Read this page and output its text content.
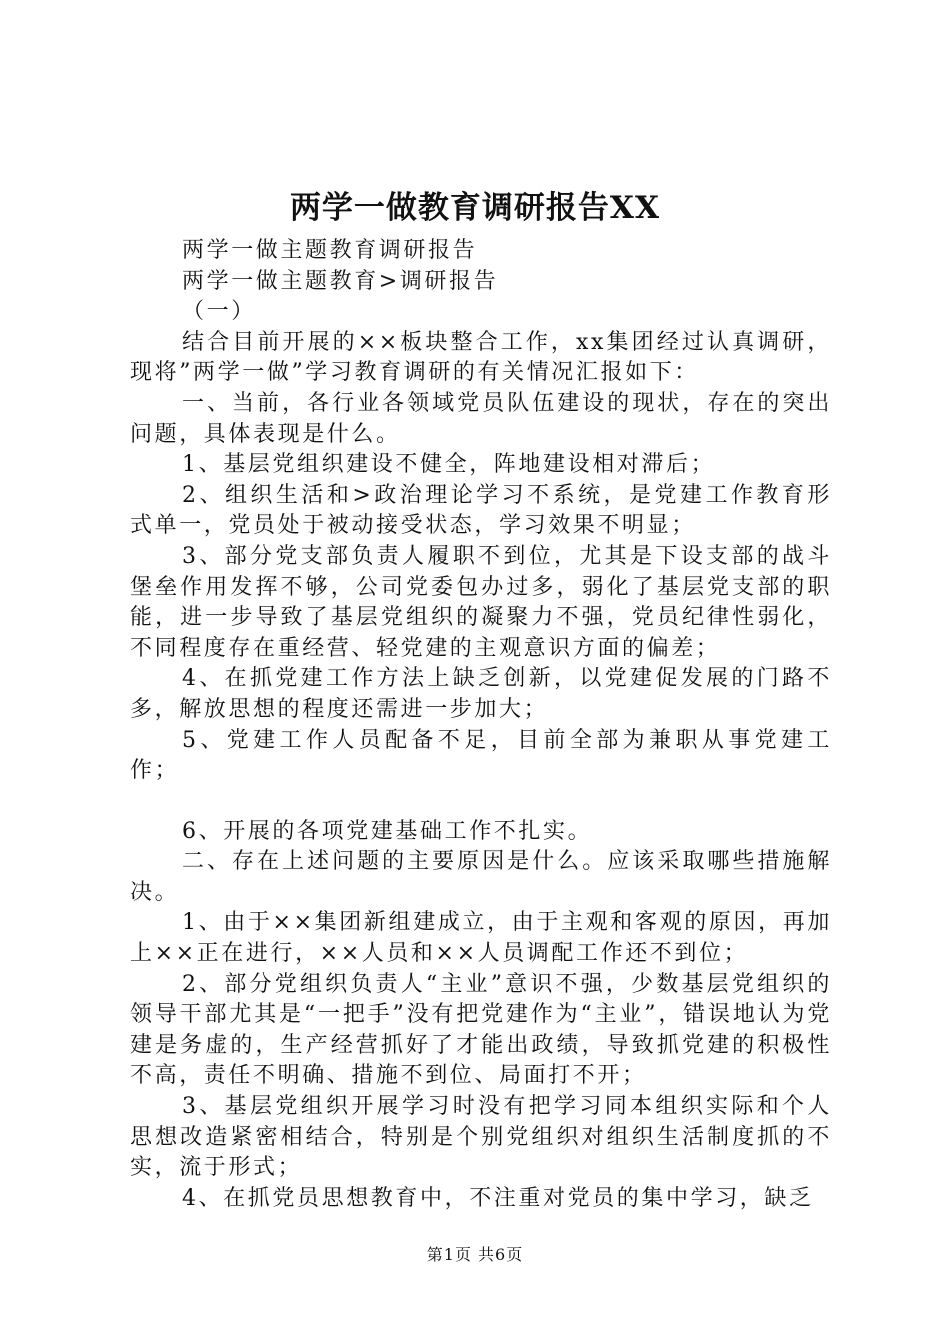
两学一做教育调研报告XX

两学一做主题教育调研报告

两学一做主题教育>调研报告

（一）

结合目前开展的××板块整合工作，xx集团经过认真调研，现将”两学一做”学习教育调研的有关情况汇报如下：

一、当前，各行业各领域党员队伍建设的现状，存在的突出问题，具体表现是什么。

1、基层党组织建设不健全，阵地建设相对滞后；

2、组织生活和>政治理论学习不系统，是党建工作教育形式单一，党员处于被动接受状态，学习效果不明显；

3、部分党支部负责人履职不到位，尤其是下设支部的战斗堡垒作用发挥不够，公司党委包办过多，弱化了基层党支部的职能，进一步导致了基层党组织的凝聚力不强，党员纪律性弱化，不同程度存在重经营、轻党建的主观意识方面的偏差；

4、在抓党建工作方法上缺乏创新，以党建促发展的门路不多，解放思想的程度还需进一步加大；

5、党建工作人员配备不足，目前全部为兼职从事党建工作；

6、开展的各项党建基础工作不扎实。

二、存在上述问题的主要原因是什么。应该采取哪些措施解决。

1、由于××集团新组建成立，由于主观和客观的原因，再加上××正在进行，××人员和××人员调配工作还不到位；

2、部分党组织负责人“主业”意识不强，少数基层党组织的领导干部尤其是“一把手”没有把党建作为“主业”，错误地认为党建是务虚的，生产经营抓好了才能出政绩，导致抓党建的积极性不高，责任不明确、措施不到位、局面打不开；

3、基层党组织开展学习时没有把学习同本组织实际和个人思想改造紧密相结合，特别是个别党组织对组织生活制度抓的不实，流于形式；

4、在抓党员思想教育中，不注重对党员的集中学习，缺乏

第1页 共6页
